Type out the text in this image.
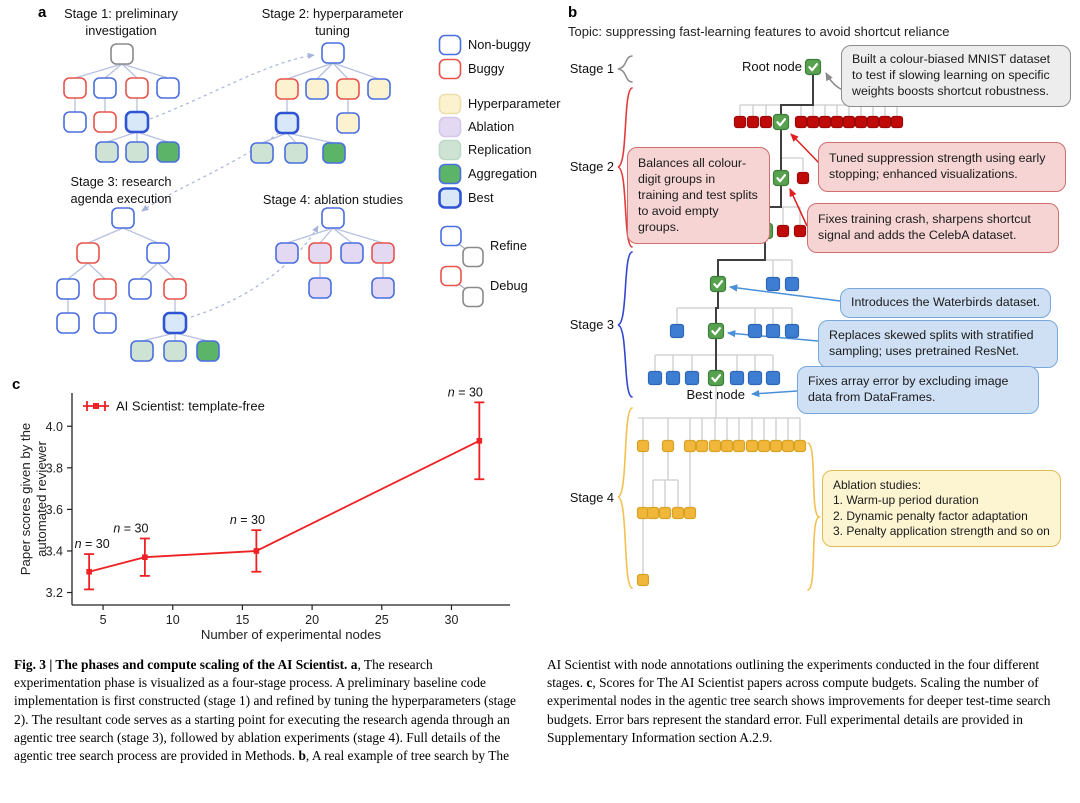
a	b
c
Stage 1: preliminary
investigation
Stage 2: hyperparameter
tuning
Stage 3: research
agenda execution	Stage 4: ablation studies
Non-buggy
Buggy
Hyperparameter
Ablation
Replication
Aggregation
Best
Refine
Debug
Topic: suppressing fast-learning features to avoid shortcut reliance
Stage 1
Stage 2
Stage 3
Stage 4
Root node
Best node
Built a colour-biased MNIST dataset to test if slowing learning on specific weights boosts shortcut robustness.
Balances all colour-digit groups in training and test splits to avoid empty groups.
Tuned suppression strength using early stopping; enhanced visualizations.
Fixes training crash, sharpens shortcut signal and adds the CelebA dataset.
Introduces the Waterbirds dataset.
Replaces skewed splits with stratified sampling; uses pretrained ResNet.
Fixes array error by excluding image data from DataFrames.
Ablation studies:
1. Warm-up period duration
2. Dynamic penalty factor adaptation
3. Penalty application strength and so on
5	10	15	20	25	30
3.2
3.4
3.6
3.8
4.0
Number of experimental nodes
Paper scores given by the automated reviewer n = 30
n = 30
n = 30
n = 30
AI Scientist: template-free
Fig. 3 | The phases and compute scaling of the AI Scientist. a, The research experimentation phase is visualized as a four-stage process. A preliminary baseline code implementation is first constructed (stage 1) and refined by tuning the hyperparameters (stage 2). The resultant code serves as a starting point for executing the research agenda through an agentic tree search (stage 3), followed by ablation experiments (stage 4). Full details of the agentic tree search process are provided in Methods. b, A real example of tree search by The
AI Scientist with node annotations outlining the experiments conducted in the four different stages. c, Scores for The AI Scientist papers across compute budgets. Scaling the number of experimental nodes in the agentic tree search shows improvements for deeper test-time search budgets. Error bars represent the standard error. Full experimental details are provided in Supplementary Information section A.2.9.
